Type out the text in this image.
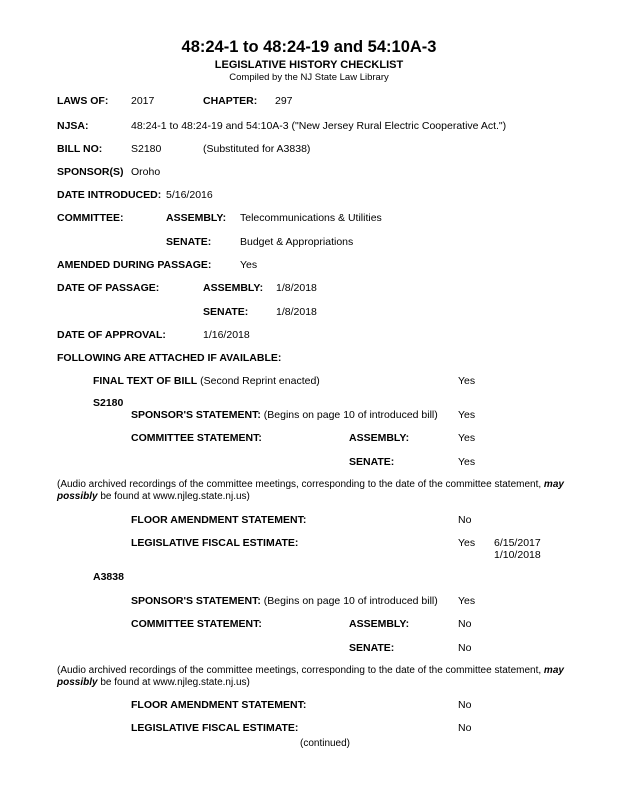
48:24-1 to 48:24-19 and 54:10A-3
LEGISLATIVE HISTORY CHECKLIST
Compiled by the NJ State Law Library
LAWS OF: 2017	CHAPTER: 297
NJSA:	48:24-1 to 48:24-19 and 54:10A-3 ("New Jersey Rural Electric Cooperative Act.")
BILL NO:	S2180	(Substituted for A3838)
SPONSOR(S) Oroho
DATE INTRODUCED: 5/16/2016
COMMITTEE:	ASSEMBLY: Telecommunications & Utilities
SENATE:	Budget & Appropriations
AMENDED DURING PASSAGE:	Yes
DATE OF PASSAGE:	ASSEMBLY: 1/8/2018
SENATE:	1/8/2018
DATE OF APPROVAL:	1/16/2018
FOLLOWING ARE ATTACHED IF AVAILABLE:
FINAL TEXT OF BILL (Second Reprint enacted)	Yes
S2180
SPONSOR'S STATEMENT: (Begins on page 10 of introduced bill) Yes
COMMITTEE STATEMENT:	ASSEMBLY:	Yes
SENATE:	Yes
(Audio archived recordings of the committee meetings, corresponding to the date of the committee statement, may possibly be found at www.njleg.state.nj.us)
FLOOR AMENDMENT STATEMENT:	No
LEGISLATIVE FISCAL ESTIMATE:	Yes 6/15/2017
1/10/2018
A3838
SPONSOR'S STATEMENT: (Begins on page 10 of introduced bill) Yes
COMMITTEE STATEMENT:	ASSEMBLY:	No
SENATE:	No
(Audio archived recordings of the committee meetings, corresponding to the date of the committee statement, may possibly be found at www.njleg.state.nj.us)
FLOOR AMENDMENT STATEMENT:	No
LEGISLATIVE FISCAL ESTIMATE:	No
(continued)
